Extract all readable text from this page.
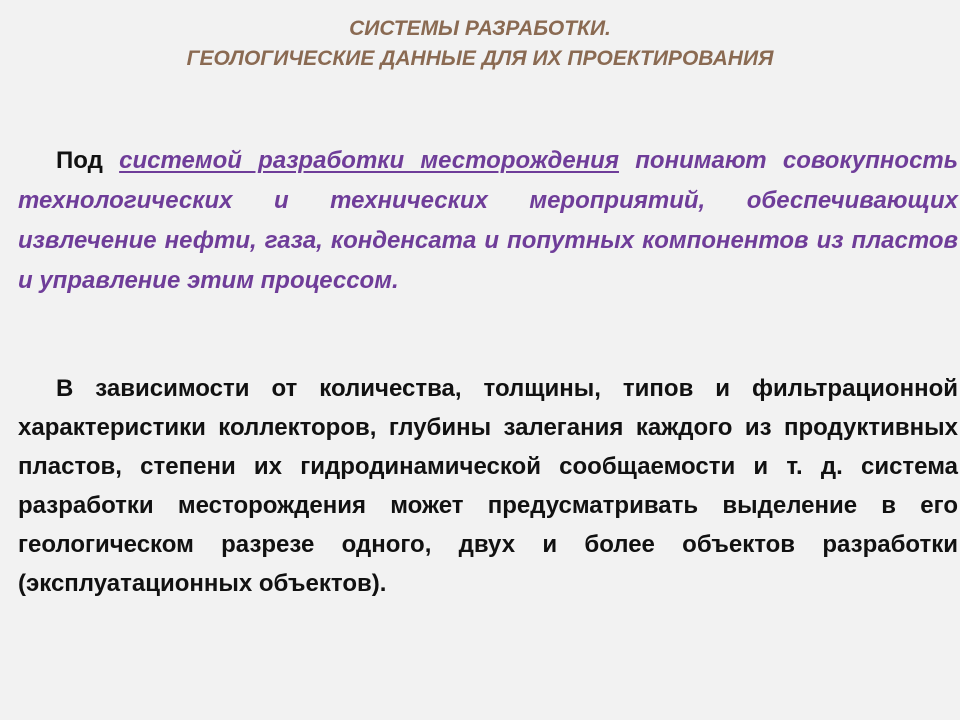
СИСТЕМЫ РАЗРАБОТКИ.
ГЕОЛОГИЧЕСКИЕ ДАННЫЕ ДЛЯ ИХ ПРОЕКТИРОВАНИЯ

Под системой разработки месторождения понимают совокупность технологических и технических мероприятий, обеспечивающих извлечение нефти, газа, конденсата и попутных компонентов из пластов и управление этим процессом.

В зависимости от количества, толщины, типов и фильтрационной характеристики коллекторов, глубины залегания каждого из продуктивных пластов, степени их гидродинамической сообщаемости и т. д. система разработки месторождения может предусматривать выделение в его геологическом разрезе одного, двух и более объектов разработки (эксплуатационных объектов).
